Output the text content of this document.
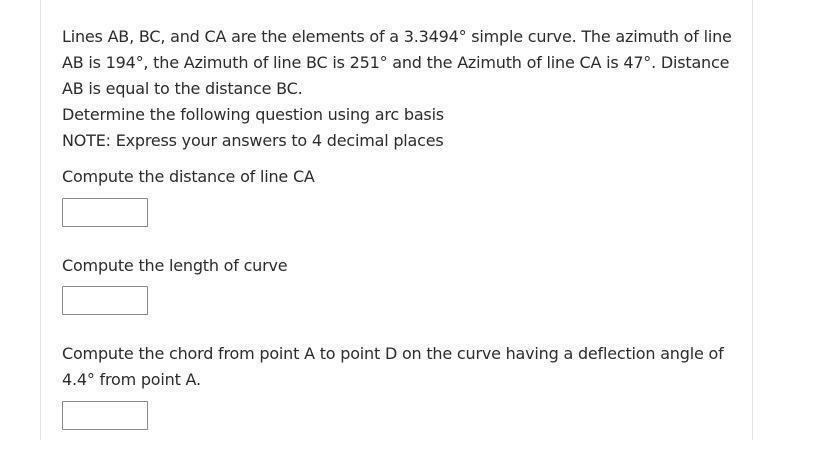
Lines AB, BC, and CA are the elements of a 3.3494° simple curve. The azimuth of line
AB is 194°, the Azimuth of line BC is 251° and the Azimuth of line CA is 47°. Distance
AB is equal to the distance BC.
Determine the following question using arc basis
NOTE: Express your answers to 4 decimal places
Compute the distance of line CA
Compute the length of curve
Compute the chord from point A to point D on the curve having a deflection angle of
4.4° from point A.
